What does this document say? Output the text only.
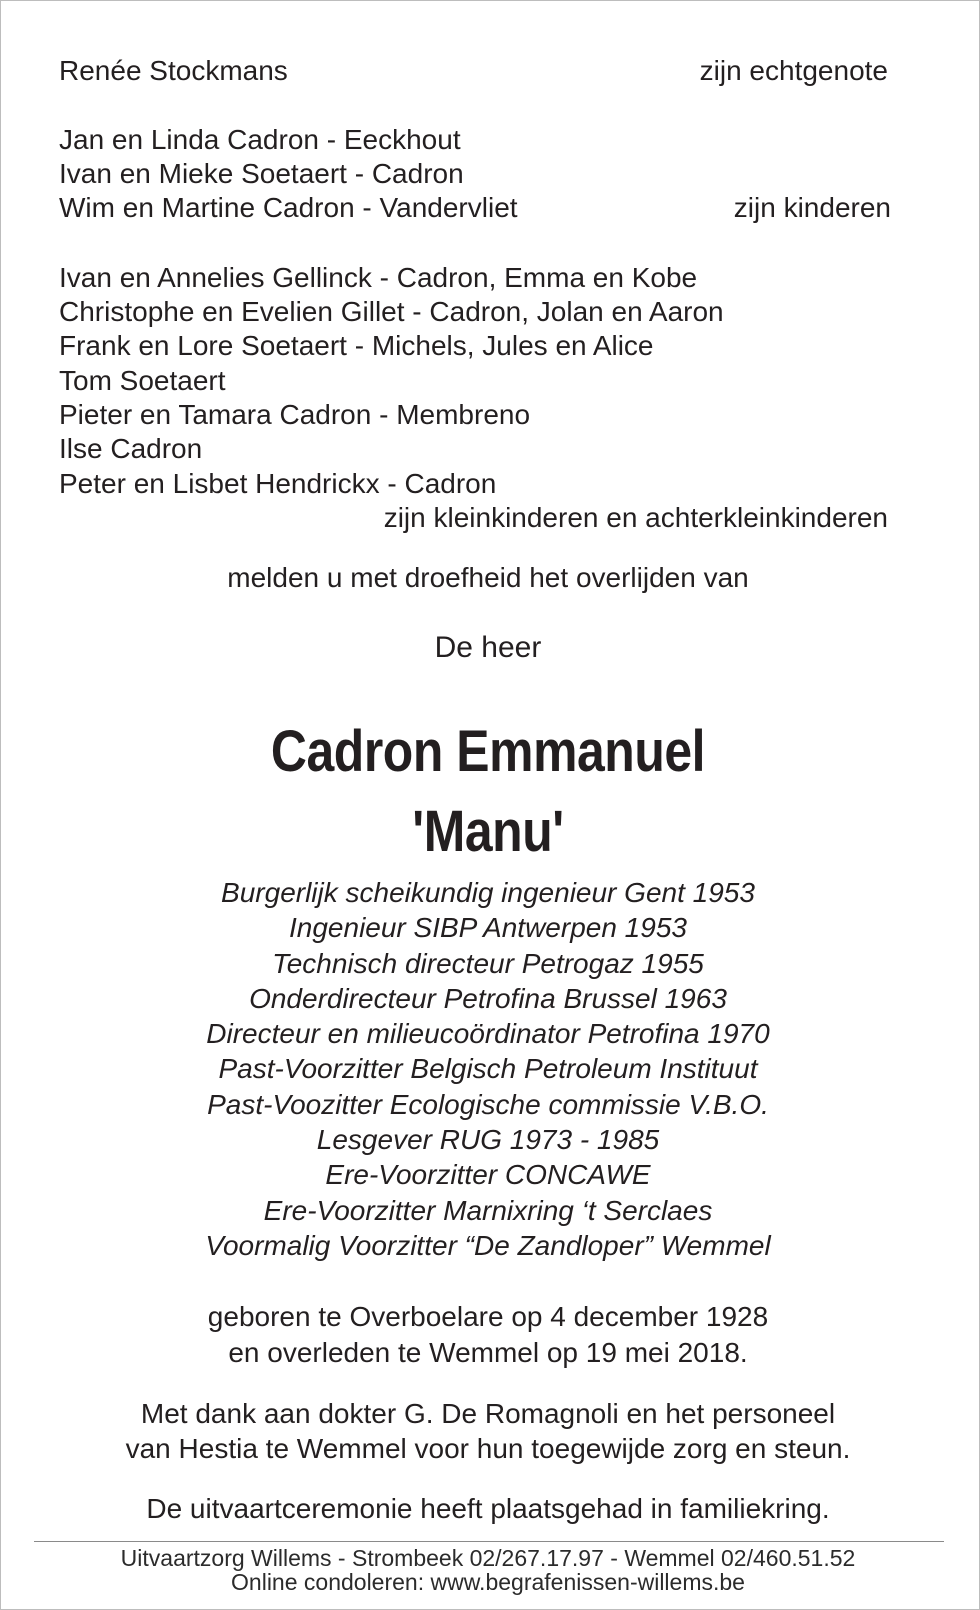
Renée Stockmans	zijn echtgenote
Jan en Linda Cadron - Eeckhout
Ivan en Mieke Soetaert - Cadron
Wim en Martine Cadron - Vandervliet	zijn kinderen
Ivan en Annelies Gellinck - Cadron, Emma en Kobe
Christophe en Evelien Gillet - Cadron, Jolan en Aaron
Frank en Lore Soetaert - Michels, Jules en Alice
Tom Soetaert
Pieter en Tamara Cadron - Membreno
Ilse Cadron
Peter en Lisbet Hendrickx - Cadron
zijn kleinkinderen en achterkleinkinderen
melden u met droefheid het overlijden van
De heer
Cadron Emmanuel
'Manu'
Burgerlijk scheikundig ingenieur Gent 1953
Ingenieur SIBP Antwerpen 1953
Technisch directeur Petrogaz 1955
Onderdirecteur Petrofina Brussel 1963
Directeur en milieucoördinator Petrofina 1970
Past-Voorzitter Belgisch Petroleum Instituut
Past-Voozitter Ecologische commissie V.B.O.
Lesgever RUG 1973 - 1985
Ere-Voorzitter CONCAWE
Ere-Voorzitter Marnixring ‘t Serclaes
Voormalig Voorzitter “De Zandloper” Wemmel
geboren te Overboelare op 4 december 1928
en overleden te Wemmel op 19 mei 2018.
Met dank aan dokter G. De Romagnoli en het personeel
van Hestia te Wemmel voor hun toegewijde zorg en steun.
De uitvaartceremonie heeft plaatsgehad in familiekring.
Uitvaartzorg Willems - Strombeek 02/267.17.97 - Wemmel 02/460.51.52
Online condoleren: www.begrafenissen-willems.be
